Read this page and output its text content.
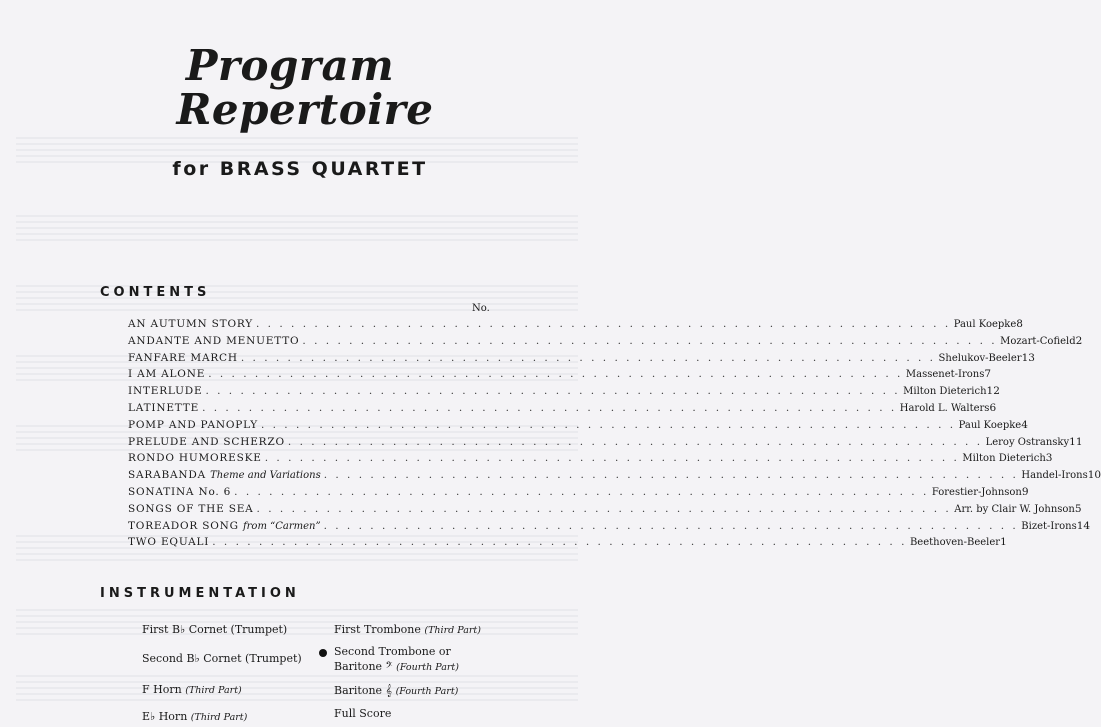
Program
Repertoire
for BRASS QUARTET
CONTENTS
No.
AN AUTUMN STORY . . . . . . . . . . . . . . . . . . . . . . . . . . . . . . . . . . . . . . . . . . . . . . . . . . . . . . . . . . . . Paul Koepke 8
ANDANTE AND MENUETTO . . . . . . . . . . . . . . . . . . . . . . . . . . . . . . . . . . . . . . . . . . . . . . . . . . . . . . . . . . . . Mozart-Cofield 2
FANFARE MARCH . . . . . . . . . . . . . . . . . . . . . . . . . . . . . . . . . . . . . . . . . . . . . . . . . . . . . . . . . . . . Shelukov-Beeler 13
I AM ALONE . . . . . . . . . . . . . . . . . . . . . . . . . . . . . . . . . . . . . . . . . . . . . . . . . . . . . . . . . . . . Massenet-Irons 7
INTERLUDE . . . . . . . . . . . . . . . . . . . . . . . . . . . . . . . . . . . . . . . . . . . . . . . . . . . . . . . . . . . . Milton Dieterich 12
LATINETTE . . . . . . . . . . . . . . . . . . . . . . . . . . . . . . . . . . . . . . . . . . . . . . . . . . . . . . . . . . . . Harold L. Walters 6
POMP AND PANOPLY . . . . . . . . . . . . . . . . . . . . . . . . . . . . . . . . . . . . . . . . . . . . . . . . . . . . . . . . . . . . Paul Koepke 4
PRELUDE AND SCHERZO . . . . . . . . . . . . . . . . . . . . . . . . . . . . . . . . . . . . . . . . . . . . . . . . . . . . . . . . . . . . Leroy Ostransky 11
RONDO HUMORESKE . . . . . . . . . . . . . . . . . . . . . . . . . . . . . . . . . . . . . . . . . . . . . . . . . . . . . . . . . . . . Milton Dieterich 3
SARABANDA Theme and Variations . . . . . . . . . . . . . . . . . . . . . . . . . . . . . . . . . . . . . . . . . . . . . . . . . . . . . . . . . . . . Handel-Irons 10
SONATINA No. 6 . . . . . . . . . . . . . . . . . . . . . . . . . . . . . . . . . . . . . . . . . . . . . . . . . . . . . . . . . . . . Forestier-Johnson 9
SONGS OF THE SEA . . . . . . . . . . . . . . . . . . . . . . . . . . . . . . . . . . . . . . . . . . . . . . . . . . . . . . . . . . . . Arr. by Clair W. Johnson 5
TOREADOR SONG from “Carmen” . . . . . . . . . . . . . . . . . . . . . . . . . . . . . . . . . . . . . . . . . . . . . . . . . . . . . . . . . . . . Bizet-Irons 14
TWO EQUALI . . . . . . . . . . . . . . . . . . . . . . . . . . . . . . . . . . . . . . . . . . . . . . . . . . . . . . . . . . . . Beethoven-Beeler 1
INSTRUMENTATION
First B♭ Cornet (Trumpet)
Second B♭ Cornet (Trumpet)
F Horn (Third Part)
E♭ Horn (Third Part)
First Trombone (Third Part)
Second Trombone or
Baritone 𝄢 (Fourth Part)
Baritone 𝄞 (Fourth Part)
Full Score
